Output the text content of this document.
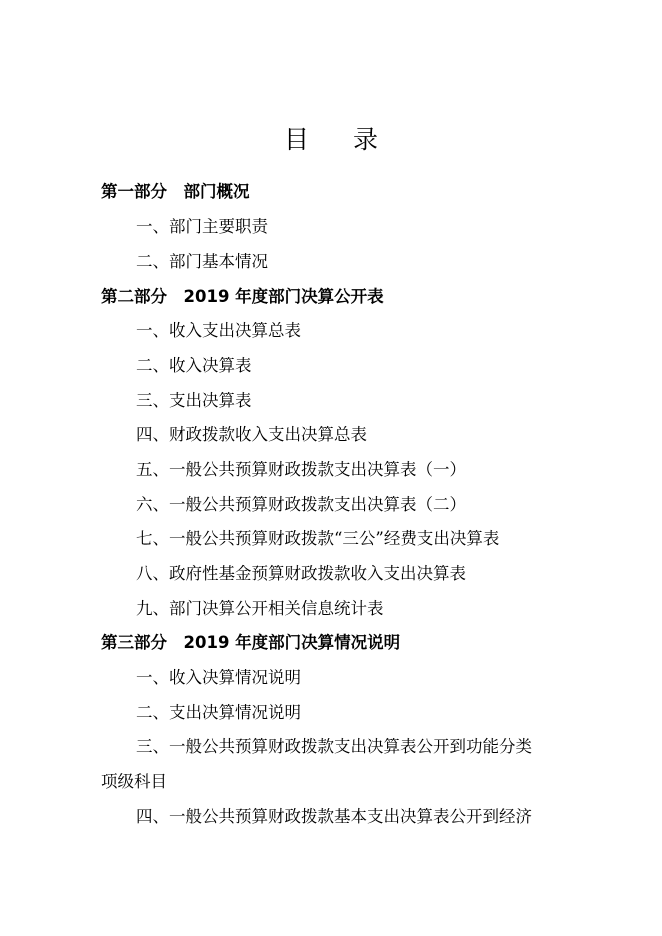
目 录
第一部分　部门概况
一、部门主要职责
二、部门基本情况
第二部分　2019 年度部门决算公开表
一、收入支出决算总表
二、收入决算表
三、支出决算表
四、财政拨款收入支出决算总表
五、一般公共预算财政拨款支出决算表（一）
六、一般公共预算财政拨款支出决算表（二）
七、一般公共预算财政拨款“三公”经费支出决算表
八、政府性基金预算财政拨款收入支出决算表
九、部门决算公开相关信息统计表
第三部分　2019 年度部门决算情况说明
一、收入决算情况说明
二、支出决算情况说明
三、一般公共预算财政拨款支出决算表公开到功能分类
项级科目
四、一般公共预算财政拨款基本支出决算表公开到经济
